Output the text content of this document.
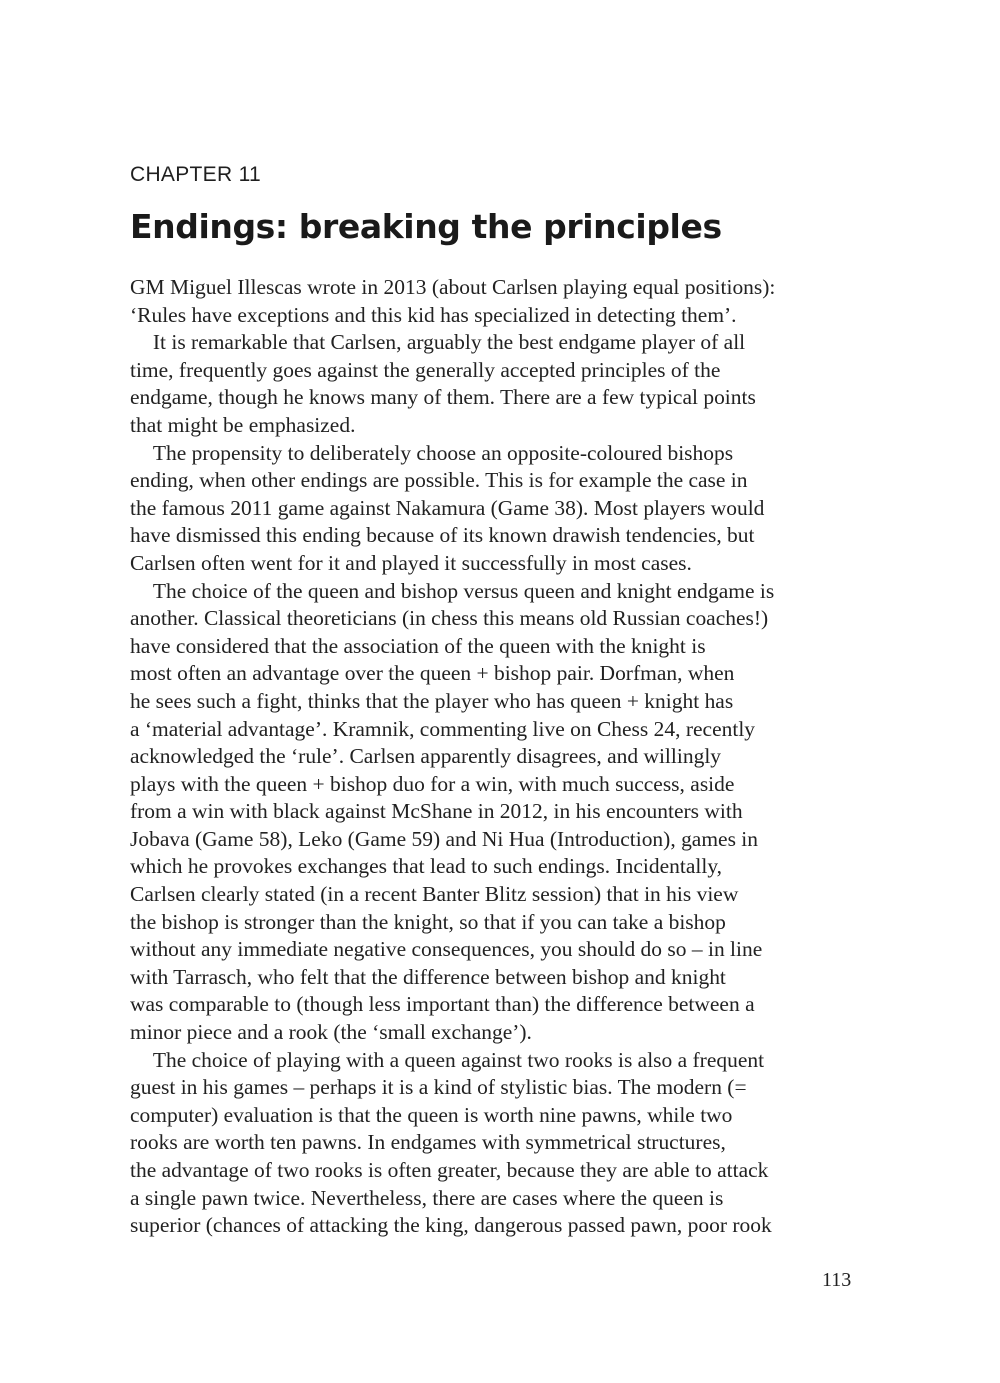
CHAPTER 11
Endings: breaking the principles
GM Miguel Illescas wrote in 2013 (about Carlsen playing equal positions):
‘Rules have exceptions and this kid has specialized in detecting them’.
It is remarkable that Carlsen, arguably the best endgame player of all
time, frequently goes against the generally accepted principles of the
endgame, though he knows many of them. There are a few typical points
that might be emphasized.
The propensity to deliberately choose an opposite-coloured bishops
ending, when other endings are possible. This is for example the case in
the famous 2011 game against Nakamura (Game 38). Most players would
have dismissed this ending because of its known drawish tendencies, but
Carlsen often went for it and played it successfully in most cases.
The choice of the queen and bishop versus queen and knight endgame is
another. Classical theoreticians (in chess this means old Russian coaches!)
have considered that the association of the queen with the knight is
most often an advantage over the queen + bishop pair. Dorfman, when
he sees such a fight, thinks that the player who has queen + knight has
a ‘material advantage’. Kramnik, commenting live on Chess 24, recently
acknowledged the ‘rule’. Carlsen apparently disagrees, and willingly
plays with the queen + bishop duo for a win, with much success, aside
from a win with black against McShane in 2012, in his encounters with
Jobava (Game 58), Leko (Game 59) and Ni Hua (Introduction), games in
which he provokes exchanges that lead to such endings. Incidentally,
Carlsen clearly stated (in a recent Banter Blitz session) that in his view
the bishop is stronger than the knight, so that if you can take a bishop
without any immediate negative consequences, you should do so – in line
with Tarrasch, who felt that the difference between bishop and knight
was comparable to (though less important than) the difference between a
minor piece and a rook (the ‘small exchange’).
The choice of playing with a queen against two rooks is also a frequent
guest in his games – perhaps it is a kind of stylistic bias. The modern (=
computer) evaluation is that the queen is worth nine pawns, while two
rooks are worth ten pawns. In endgames with symmetrical structures,
the advantage of two rooks is often greater, because they are able to attack
a single pawn twice. Nevertheless, there are cases where the queen is
superior (chances of attacking the king, dangerous passed pawn, poor rook
113
